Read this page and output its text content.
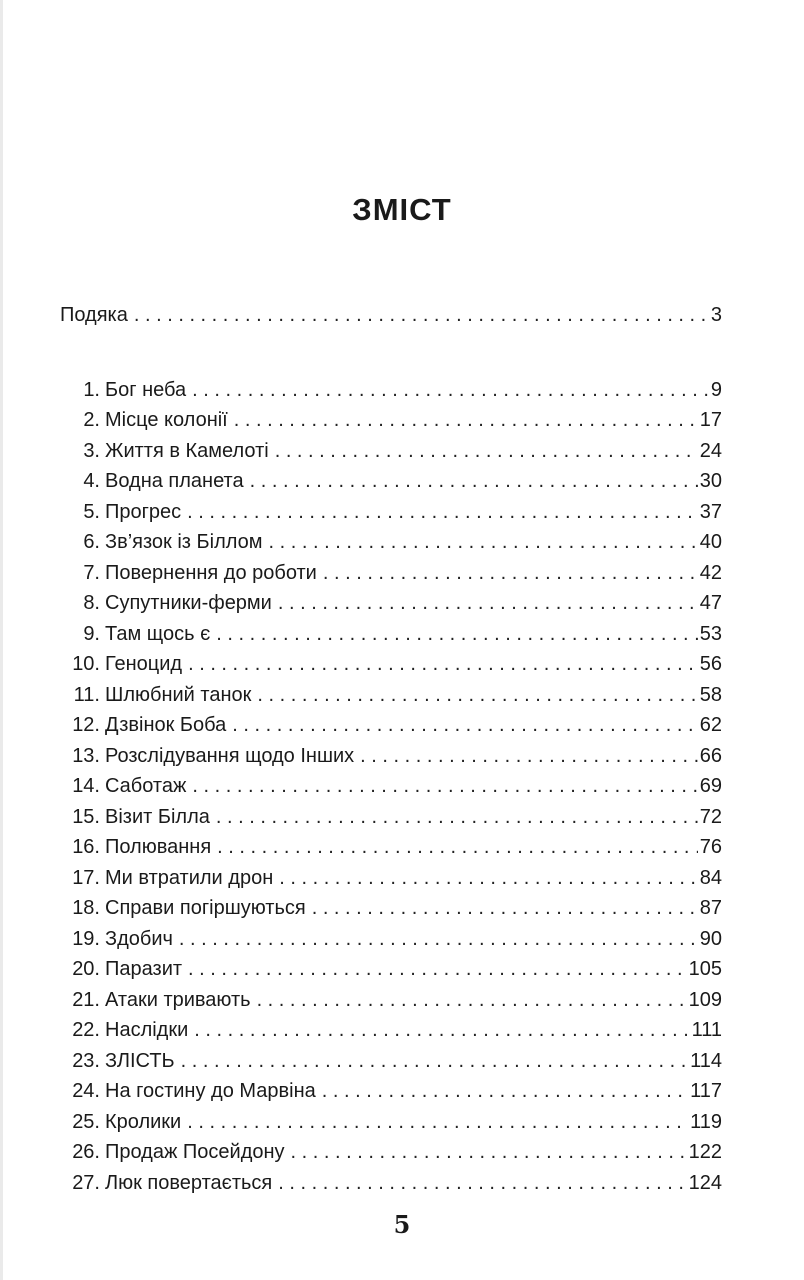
ЗМІСТ
Подяка . . .	3
1. Бог неба . . .	9
2. Місце колонії . . .	17
3. Життя в Камелоті . . .	24
4. Водна планета . . .	30
5. Прогрес . . .	37
6. Зв’язок із Біллом . . .	40
7. Повернення до роботи . . .	42
8. Супутники-ферми . . .	47
9. Там щось є . . .	53
10. Геноцид . . .	56
11. Шлюбний танок . . .	58
12. Дзвінок Боба . . .	62
13. Розслідування щодо Інших . . .	66
14. Саботаж . . .	69
15. Візит Білла . . .	72
16. Полювання . . .	76
17. Ми втратили дрон . . .	84
18. Справи погіршуються . . .	87
19. Здобич . . .	90
20. Паразит . . .	105
21. Атаки тривають . . .	109
22. Наслідки . . .	111
23. ЗЛІСТЬ . . .	114
24. На гостину до Марвіна . . .	117
25. Кролики . . .	119
26. Продаж Посейдону . . .	122
27. Люк повертається . . .	124
5
